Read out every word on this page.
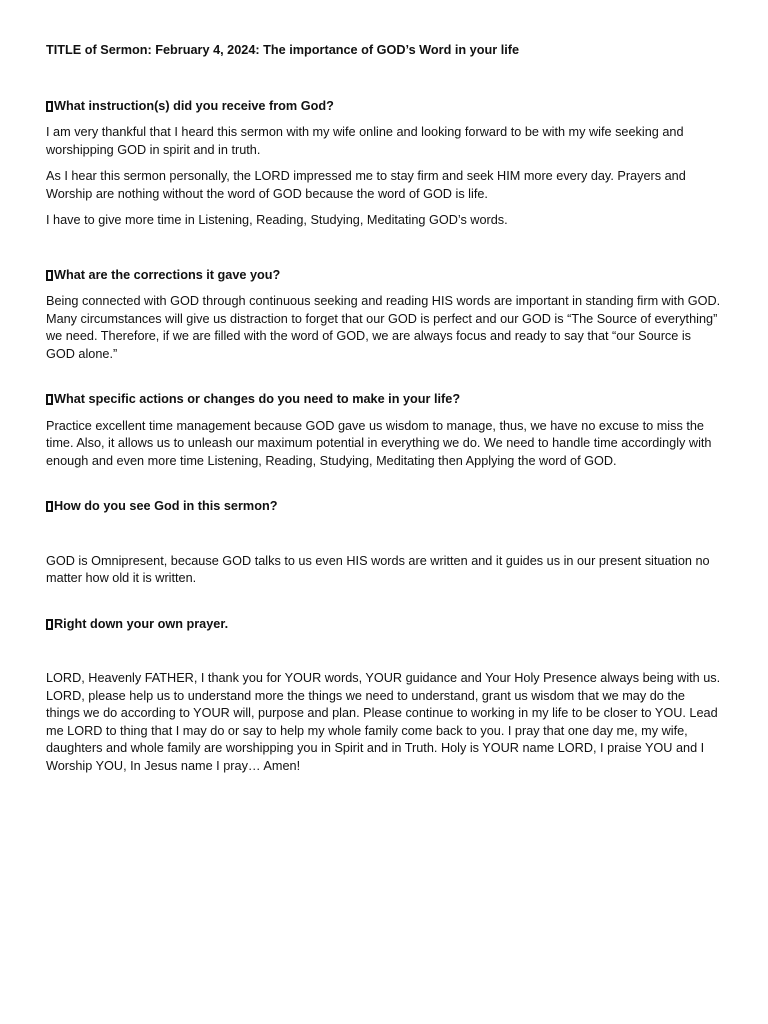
TITLE of Sermon: February 4, 2024: The importance of GOD’s Word in your life

What instruction(s) did you receive from God?

I am very thankful that I heard this sermon with my wife online and looking forward to be with my wife seeking and worshipping GOD in spirit and in truth.

As I hear this sermon personally, the LORD impressed me to stay firm and seek HIM more every day. Prayers and Worship are nothing without the word of GOD because the word of GOD is life.

I have to give more time in Listening, Reading, Studying, Meditating GOD’s words.

What are the corrections it gave you?

Being connected with GOD through continuous seeking and reading HIS words are important in standing firm with GOD. Many circumstances will give us distraction to forget that our GOD is perfect and our GOD is “The Source of everything” we need. Therefore, if we are filled with the word of GOD, we are always focus and ready to say that “our Source is GOD alone.”

What specific actions or changes do you need to make in your life?

Practice excellent time management because GOD gave us wisdom to manage, thus, we have no excuse to miss the time. Also, it allows us to unleash our maximum potential in everything we do. We need to handle time accordingly with enough and even more time Listening, Reading, Studying, Meditating then Applying the word of GOD.

How do you see God in this sermon?

GOD is Omnipresent, because GOD talks to us even HIS words are written and it guides us in our present situation no matter how old it is written.

Right down your own prayer.

LORD, Heavenly FATHER, I thank you for YOUR words, YOUR guidance and Your Holy Presence always being with us. LORD, please help us to understand more the things we need to understand, grant us wisdom that we may do the things we do according to YOUR will, purpose and plan. Please continue to working in my life to be closer to YOU. Lead me LORD to thing that I may do or say to help my whole family come back to you. I pray that one day me, my wife, daughters and whole family are worshipping you in Spirit and in Truth. Holy is YOUR name LORD, I praise YOU and I Worship YOU, In Jesus name I pray… Amen!
